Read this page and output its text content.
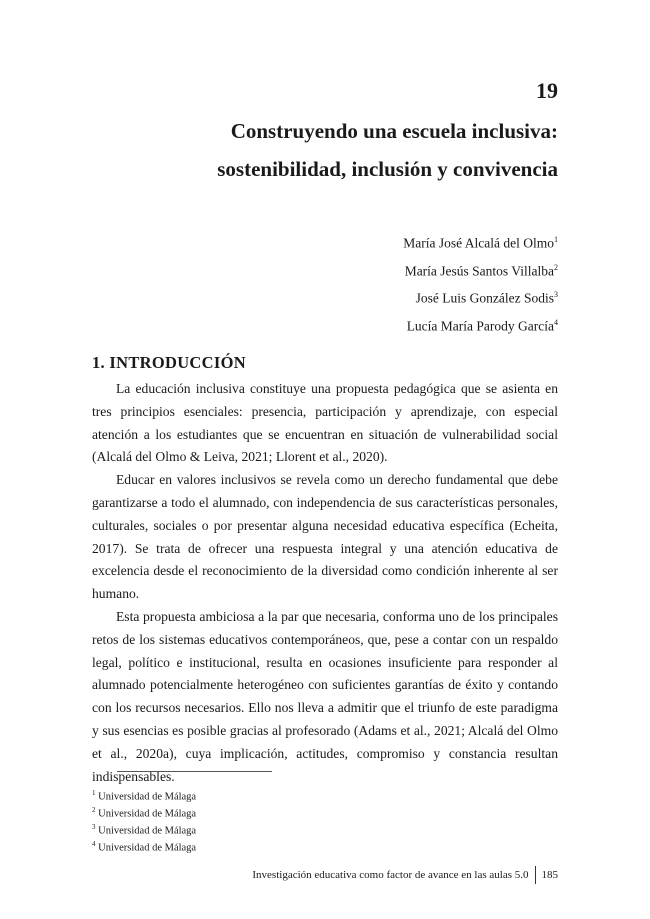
19
Construyendo una escuela inclusiva:
sostenibilidad, inclusión y convivencia
María José Alcalá del Olmo$^1$
María Jesús Santos Villalba$^2$
José Luis González Sodis$^3$
Lucía María Parody García$^4$
1. INTRODUCCIÓN

La educación inclusiva constituye una propuesta pedagógica que se asienta en tres principios esenciales: presencia, participación y aprendizaje, con especial atención a los estudiantes que se encuentran en situación de vulnerabilidad social (Alcalá del Olmo & Leiva, 2021; Llorent et al., 2020).

Educar en valores inclusivos se revela como un derecho fundamental que debe garantizarse a todo el alumnado, con independencia de sus características personales, culturales, sociales o por presentar alguna necesidad educativa específica (Echeita, 2017). Se trata de ofrecer una respuesta integral y una atención educativa de excelencia desde el reconocimiento de la diversidad como condición inherente al ser humano.

Esta propuesta ambiciosa a la par que necesaria, conforma uno de los principales retos de los sistemas educativos contemporáneos, que, pese a contar con un respaldo legal, político e institucional, resulta en ocasiones insuficiente para responder al alumnado potencialmente heterogéneo con suficientes garantías de éxito y contando con los recursos necesarios. Ello nos lleva a admitir que el triunfo de este paradigma y sus esencias es posible gracias al profesorado (Adams et al., 2021; Alcalá del Olmo et al., 2020a), cuya implicación, actitudes, compromiso y constancia resultan indispensables.

$^1$ Universidad de Málaga
$^2$ Universidad de Málaga
$^3$ Universidad de Málaga
$^4$ Universidad de Málaga
Investigación educativa como factor de avance en las aulas 5.0 185
